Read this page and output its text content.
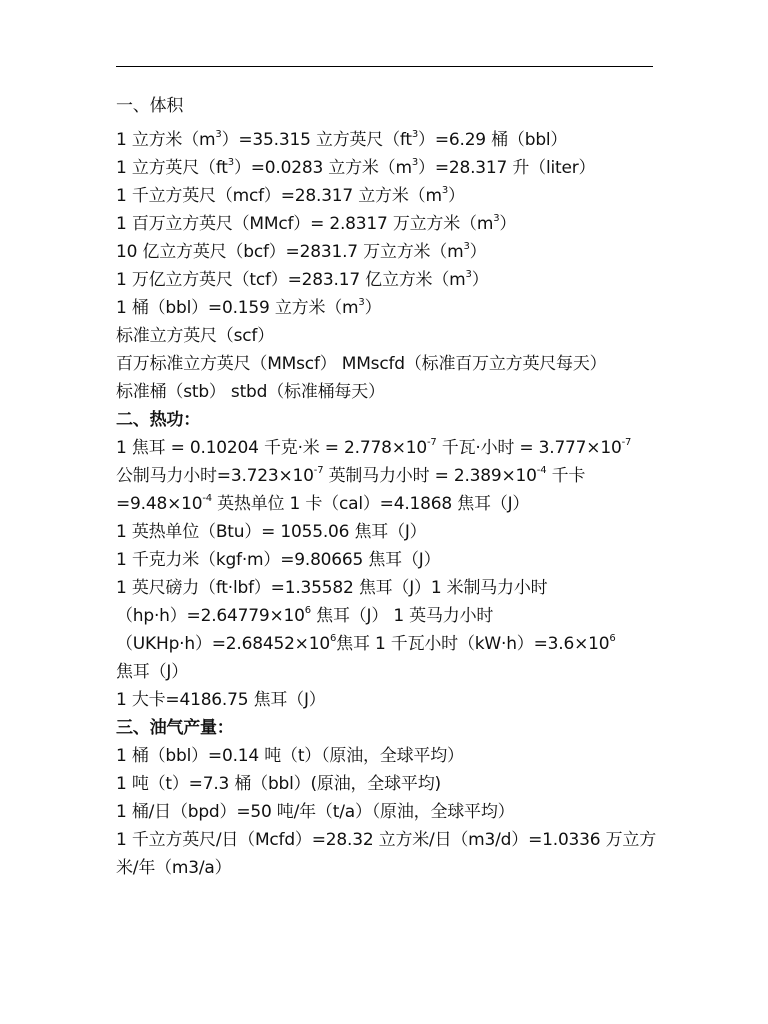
一、体积
1 立方米$(m^3)=35.315$ 立方英尺$(ft^3)=6.29$ 桶（bbl）
1 立方英尺$(ft^3)=0.0283$ 立方米$(m^3)=28.317$ 升（liter）
1 千立方英尺（mcf）=28.317 立方米$(m^3)$
1 百万立方英尺（MMcf）= 2.8317 万立方米$(m^3)$
10 亿立方英尺（bcf）=2831.7 万立方米$(m^3)$
1 万亿立方英尺（tcf）=283.17 亿立方米$(m^3)$
1 桶（bbl）=0.159 立方米$(m^3)$
标准立方英尺（scf）
百万标准立方英尺（MMscf） MMscfd（标准百万立方英尺每天）
标准桶（stb） stbd（标准桶每天）
二、热功：
1 焦耳 = 0.10204 千克·米 = $2.778\times 10^{-7}$ 千瓦·小时 = $3.777\times 10^{-7}$
公制马力小时$=3.723\times 10^{-7}$ 英制马力小时 = $2.389\times 10^{-4}$ 千卡
$=9.48\times 10^{-4}$ 英热单位 1 卡（cal）=4.1868 焦耳（J）
1 英热单位（Btu）= 1055.06 焦耳（J）
1 千克力米（kgf·m）=9.80665 焦耳（J）
1 英尺磅力（ft·lbf）=1.35582 焦耳（J）1 米制马力小时
$(hp\cdot h)=2.64779\times 10^6$ 焦耳（J） 1 英马力小时
$(UKHp\cdot h)=2.68452\times 10^6$焦耳 1 千瓦小时$(kW\cdot h)=3.6\times 10^6$
焦耳（J）
1 大卡=4186.75 焦耳（J）
三、油气产量：
1 桶（bbl）=0.14 吨（t）（原油，全球平均）
1 吨（t）=7.3 桶（bbl）(原油，全球平均)
1 桶/日（bpd）=50 吨/年（t/a）（原油，全球平均）
1 千立方英尺/日（Mcfd）=28.32 立方米/日（m3/d）=1.0336 万立方米/年（m3/a）
